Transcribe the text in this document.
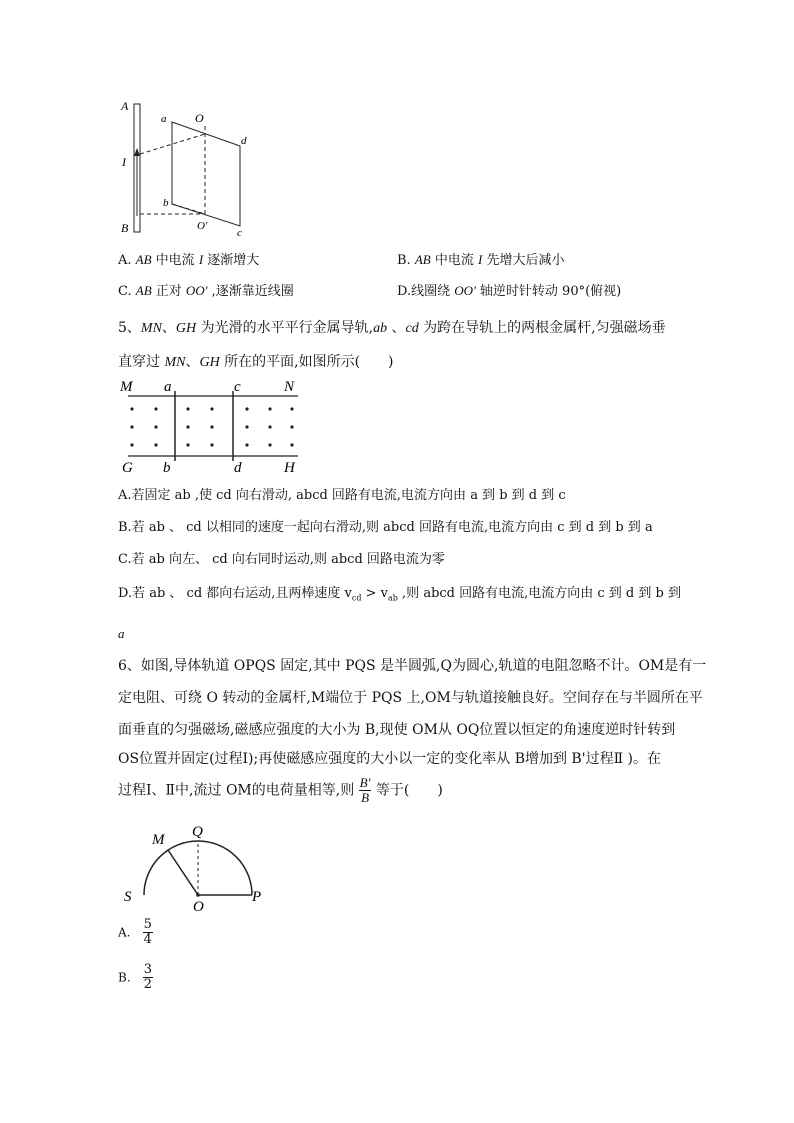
A
B
I
a O
d
b
c
O'
A. AB 中电流 I 逐渐增大	B. AB 中电流 I 先增大后减小
C. AB 正对 OO' ,逐渐靠近线圈	D.线圈绕 OO' 轴逆时针转动 90°(俯视)
5、MN、GH 为光滑的水平平行金属导轨,ab 、cd 为跨在导轨上的两根金属杆,匀强磁场垂
直穿过 MN、GH 所在的平面,如图所示(　　)
M a	c	N
G b	d	H
A.若固定 ab ,使 cd 向右滑动, abcd 回路有电流,电流方向由 a 到 b 到 d 到 c
B.若 ab 、 cd 以相同的速度一起向右滑动,则 abcd 回路有电流,电流方向由 c 到 d 到 b 到 a
C.若 ab 向左、 cd 向右同时运动,则 abcd 回路电流为零
D.若 ab 、 cd 都向右运动,且两棒速度 $v_{cd} > v_{ab}$ ,则 abcd 回路有电流,电流方向由 c 到 d 到 b 到
a
6、如图,导体轨道 OPQS 固定,其中 PQS 是半圆弧,Q为圆心,轨道的电阻忽略不计。OM是有一
定电阻、可绕 O 转动的金属杆,M端位于 PQS 上,OM与轨道接触良好。空间存在与半圆所在平
面垂直的匀强磁场,磁感应强度的大小为 B,现使 OM从 OQ位置以恒定的角速度逆时针转到
OS位置并固定(过程Ⅰ);再使磁感应强度的大小以一定的变化率从 B增加到 B'过程Ⅱ )。在
过程Ⅰ、Ⅱ中,流过 OM的电荷量相等,则 $\frac{B'}{B}$ 等于(　　)
M Q
S
O
P
A. $\frac{5}{4}$
B. $\frac{3}{2}$
